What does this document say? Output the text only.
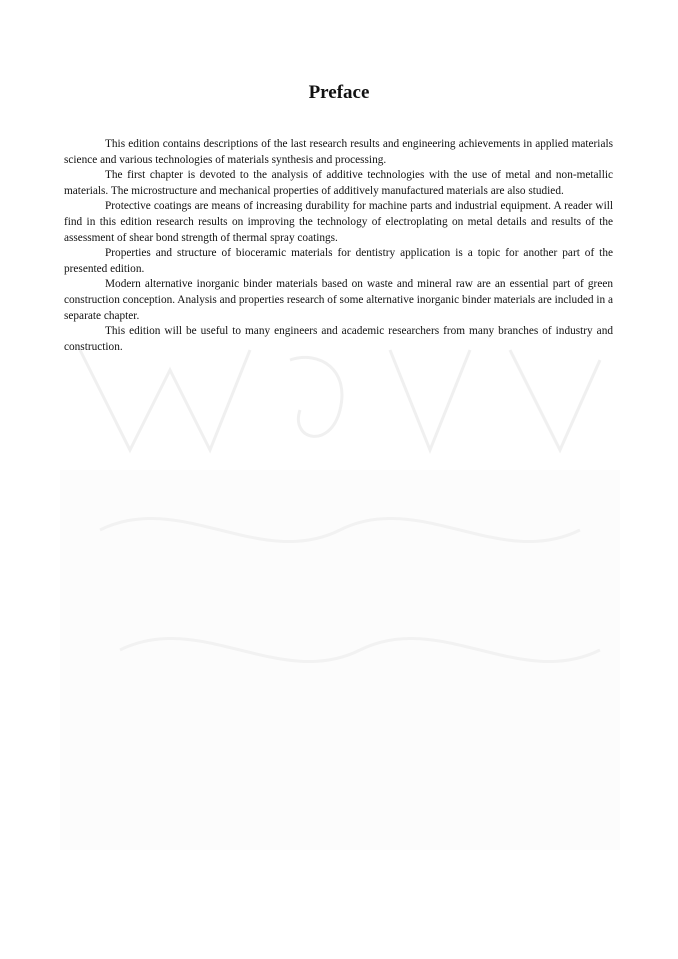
Preface

This edition contains descriptions of the last research results and engineering achievements in applied materials science and various technologies of materials synthesis and processing.

The first chapter is devoted to the analysis of additive technologies with the use of metal and non-metallic materials. The microstructure and mechanical properties of additively manufactured materials are also studied.

Protective coatings are means of increasing durability for machine parts and industrial equipment. A reader will find in this edition research results on improving the technology of electroplating on metal details and results of the assessment of shear bond strength of thermal spray coatings.

Properties and structure of bioceramic materials for dentistry application is a topic for another part of the presented edition.

Modern alternative inorganic binder materials based on waste and mineral raw are an essential part of green construction conception. Analysis and properties research of some alternative inorganic binder materials are included in a separate chapter.

This edition will be useful to many engineers and academic researchers from many branches of industry and construction.
